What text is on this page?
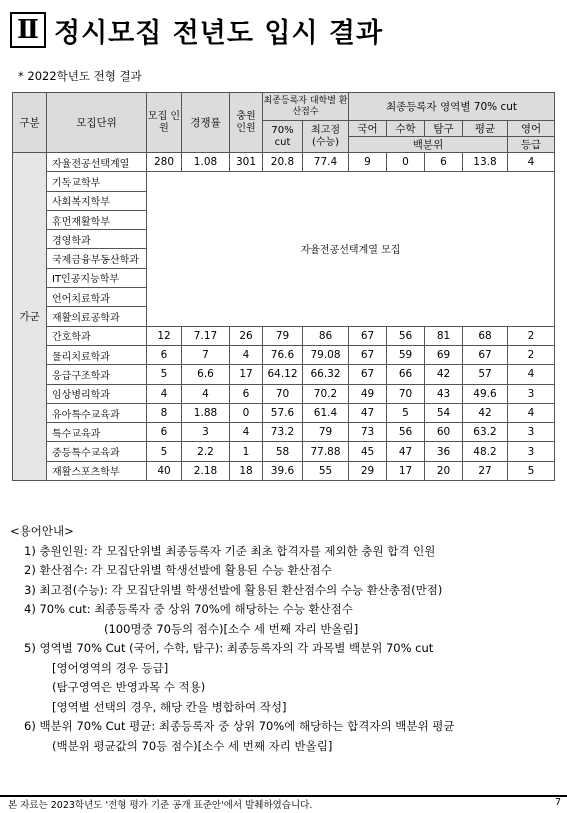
Ⅱ 정시모집 전년도 입시 결과
* 2022학년도 전형 결과
구분	모집단위	모집 인원	경쟁률	충원 인원	최종등록자 대학별 환산점수		최종등록자 영역별 70% cut				
					70% cut	최고점 (수능)	국어	수학	탐구	평균	영어
							백분위				등급
가군	자율전공선택계열	280	1.08	301	20.8	77.4	9	0	6	13.8	4
	기독교학부	자율전공선택계열 모집									
	사회복지학부										
	휴먼재활학부										
	경영학과										
	국제금융부동산학과										
	IT인공지능학부										
	언어치료학과										
	재활의료공학과										
	간호학과	12	7.17	26	79	86	67	56	81	68	2
	물리치료학과	6	7	4	76.6	79.08	67	59	69	67	2
	응급구조학과	5	6.6	17	64.12	66.32	67	66	42	57	4
	임상병리학과	4	4	6	70	70.2	49	70	43	49.6	3
	유아특수교육과	8	1.88	0	57.6	61.4	47	5	54	42	4
	특수교육과	6	3	4	73.2	79	73	56	60	63.2	3
	중등특수교육과	5	2.2	1	58	77.88	45	47	36	48.2	3
	재활스포츠학부	40	2.18	18	39.6	55	29	17	20	27	5
<용어안내>
1) 충원인원: 각 모집단위별 최종등록자 기준 최초 합격자를 제외한 충원 합격 인원
2) 환산점수: 각 모집단위별 학생선발에 활용된 수능 환산점수
3) 최고점(수능): 각 모집단위별 학생선발에 활용된 환산점수의 수능 환산총점(만점)
4) 70% cut: 최종등록자 중 상위 70%에 해당하는 수능 환산점수
(100명중 70등의 점수)[소수 세 번째 자리 반올림]
5) 영역별 70% Cut (국어, 수학, 탐구): 최종등록자의 각 과목별 백분위 70% cut
[영어영역의 경우 등급]
(탐구영역은 반영과목 수 적용)
[영역별 선택의 경우, 해당 칸을 병합하여 작성]
6) 백분위 70% Cut 평균: 최종등록자 중 상위 70%에 해당하는 합격자의 백분위 평균
(백분위 평균값의 70등 점수)[소수 세 번째 자리 반올림]
본 자료는 2023학년도 '전형 평가 기준 공개 표준안'에서 발췌하였습니다.	7
